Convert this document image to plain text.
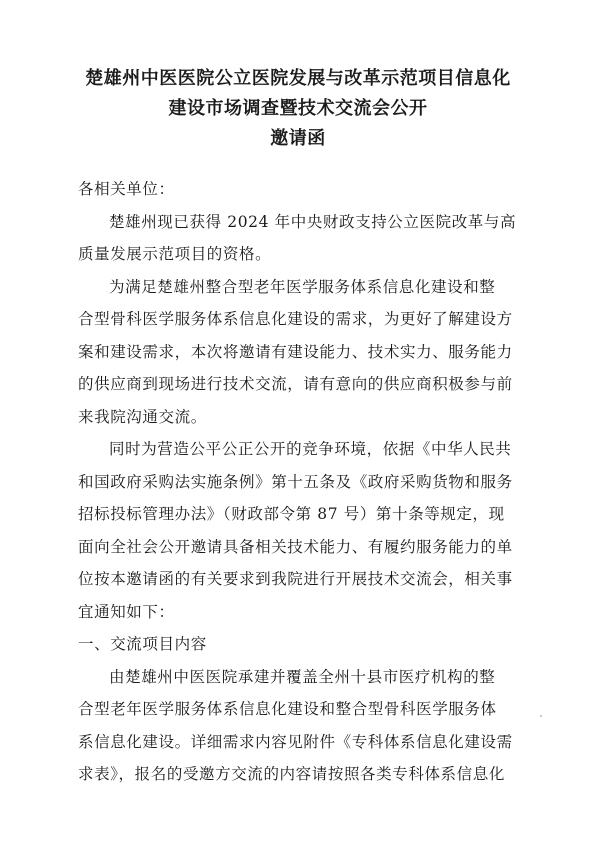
楚雄州中医医院公立医院发展与改革示范项目信息化
建设市场调查暨技术交流会公开
邀请函
各相关单位：
楚雄州现已获得 2024 年中央财政支持公立医院改革与高
质量发展示范项目的资格。
为满足楚雄州整合型老年医学服务体系信息化建设和整
合型骨科医学服务体系信息化建设的需求，为更好了解建设方
案和建设需求，本次将邀请有建设能力、技术实力、服务能力
的供应商到现场进行技术交流，请有意向的供应商积极参与前
来我院沟通交流。
同时为营造公平公正公开的竞争环境，依据《中华人民共
和国政府采购法实施条例》第十五条及《政府采购货物和服务
招标投标管理办法》（财政部令第 87 号）第十条等规定，现
面向全社会公开邀请具备相关技术能力、有履约服务能力的单
位按本邀请函的有关要求到我院进行开展技术交流会，相关事
宜通知如下：
一、交流项目内容
由楚雄州中医医院承建并覆盖全州十县市医疗机构的整
合型老年医学服务体系信息化建设和整合型骨科医学服务体
系信息化建设。详细需求内容见附件《专科体系信息化建设需
求表》，报名的受邀方交流的内容请按照各类专科体系信息化
